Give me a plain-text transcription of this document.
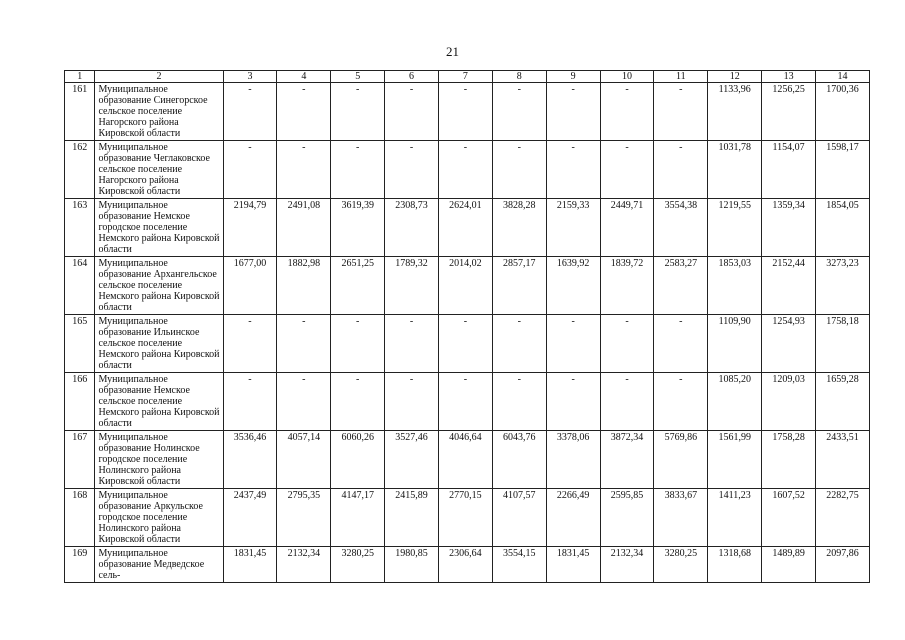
21
1	2	3	4	5	6	7	8	9	10	11	12	13	14
161	Муниципальное образование Синегорское сельское поселение Нагорского района Кировской области	-	-	-	-	-	-	-	-	-	1133,96	1256,25	1700,36
162	Муниципальное образование Чеглаковское сельское поселение Нагорского района Кировской области	-	-	-	-	-	-	-	-	-	1031,78	1154,07	1598,17
163	Муниципальное образование Немское городское поселение Немского района Кировской области	2194,79	2491,08	3619,39	2308,73	2624,01	3828,28	2159,33	2449,71	3554,38	1219,55	1359,34	1854,05
164	Муниципальное образование Архангельское сельское поселение Немского района Кировской области	1677,00	1882,98	2651,25	1789,32	2014,02	2857,17	1639,92	1839,72	2583,27	1853,03	2152,44	3273,23
165	Муниципальное образование Ильинское сельское поселение Немского района Кировской области	-	-	-	-	-	-	-	-	-	1109,90	1254,93	1758,18
166	Муниципальное образование Немское сельское поселение Немского района Кировской области	-	-	-	-	-	-	-	-	-	1085,20	1209,03	1659,28
167	Муниципальное образование Нолинское городское поселение Нолинского района Кировской области	3536,46	4057,14	6060,26	3527,46	4046,64	6043,76	3378,06	3872,34	5769,86	1561,99	1758,28	2433,51
168	Муниципальное образование Аркульское городское поселение Нолинского района Кировской области	2437,49	2795,35	4147,17	2415,89	2770,15	4107,57	2266,49	2595,85	3833,67	1411,23	1607,52	2282,75
169	Муниципальное образование Медведское сель-	1831,45	2132,34	3280,25	1980,85	2306,64	3554,15	1831,45	2132,34	3280,25	1318,68	1489,89	2097,86
